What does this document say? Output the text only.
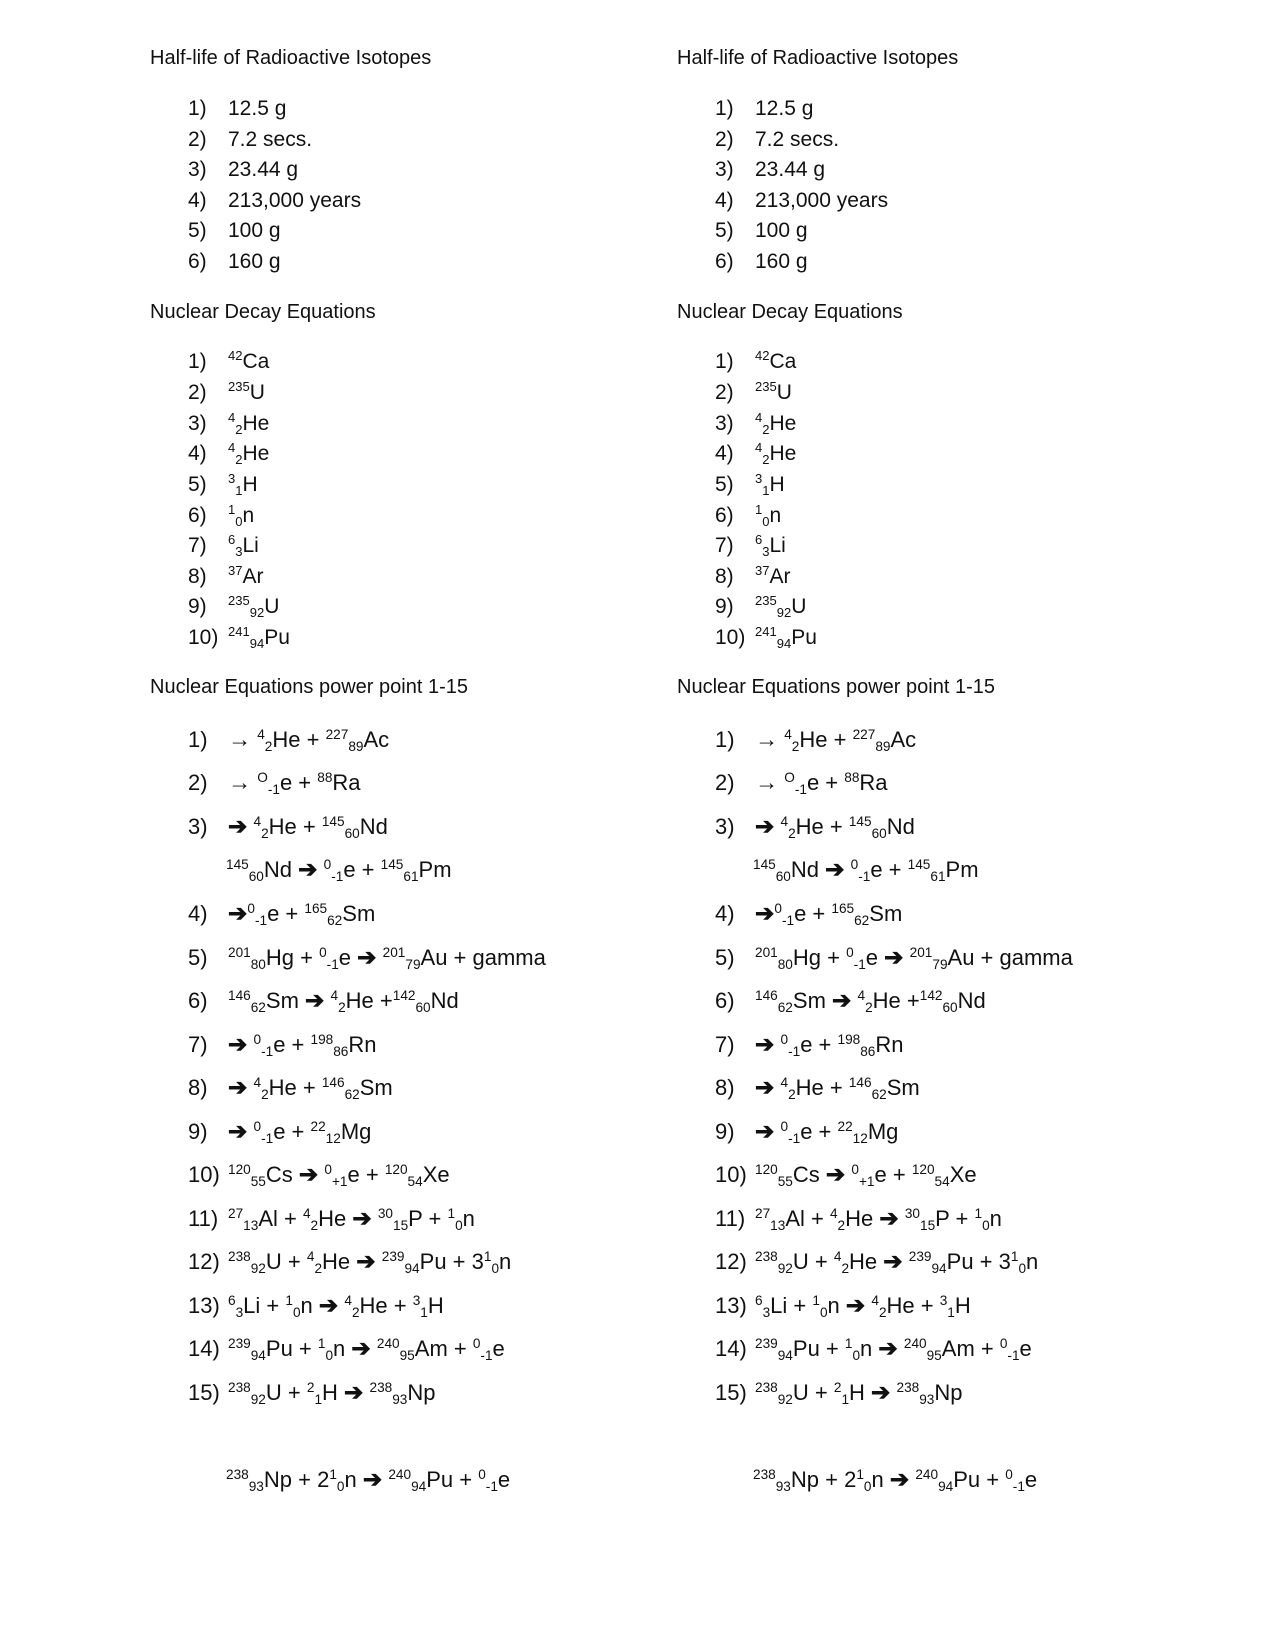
Half-life of Radioactive Isotopes
1) 12.5 g
2) 7.2 secs.
3) 23.44 g
4) 213,000 years
5) 100 g
6) 160 g
Nuclear Decay Equations
1) $^{42}$Ca
2) $^{235}$U
3) $^4$2He
4) $^4$2He
5) $^3$1H
6) $^1$0n
7) $^6$3Li
8) $^{37}$Ar
9) $^{235}$92U
10) $^{241}$94Pu
Nuclear Equations power point 1-15
1) → $^4$2He + $^{227}$89Ac
2) → $^O$-1e + $^{88}$Ra
3) ➔ $^4$2He + $^{145}$60Nd
$^{145}$60Nd ➔ $^0$-1e + $^{145}$61Pm
4) ➔$^0$-1e + $^{165}$62Sm
5) $^{201}$80Hg + $^0$-1e ➔ $^{201}$79Au + gamma
6) $^{146}$62Sm ➔ $^4$2He +$^{142}$60Nd
7) ➔ $^0$-1e + $^{198}$86Rn
8) ➔ $^4$2He + $^{146}$62Sm
9) ➔ $^0$-1e + $^{22}$12Mg
10) $^{120}$55Cs ➔ $^0$+1e + $^{120}$54Xe
11) $^{27}$13Al + $^4$2He ➔ $^{30}$15P + $^1$0n
12) $^{238}$92U + $^4$2He ➔ $^{239}94Pu + 3^10n$
13) $^6$3Li + $^1$0n ➔ $^4$2He + $^3$1H
14) $^{239}$94Pu + $^1$0n ➔ $^{240}$95Am + $^0$-1e
15) $^{238}$92U + $^2$1H ➔ $^{238}$93Np
$^{238}93Np + 2^10n$ ➔ $^{240}$94Pu + $^0$-1e
Half-life of Radioactive Isotopes
1) 12.5 g
2) 7.2 secs.
3) 23.44 g
4) 213,000 years
5) 100 g
6) 160 g
Nuclear Decay Equations
1) $^{42}$Ca
2) $^{235}$U
3) $^4$2He
4) $^4$2He
5) $^3$1H
6) $^1$0n
7) $^6$3Li
8) $^{37}$Ar
9) $^{235}$92U
10) $^{241}$94Pu
Nuclear Equations power point 1-15
1) → $^4$2He + $^{227}$89Ac
2) → $^O$-1e + $^{88}$Ra
3) ➔ $^4$2He + $^{145}$60Nd
$^{145}$60Nd ➔ $^0$-1e + $^{145}$61Pm
4) ➔$^0$-1e + $^{165}$62Sm
5) $^{201}$80Hg + $^0$-1e ➔ $^{201}$79Au + gamma
6) $^{146}$62Sm ➔ $^4$2He +$^{142}$60Nd
7) ➔ $^0$-1e + $^{198}$86Rn
8) ➔ $^4$2He + $^{146}$62Sm
9) ➔ $^0$-1e + $^{22}$12Mg
10) $^{120}$55Cs ➔ $^0$+1e + $^{120}$54Xe
11) $^{27}$13Al + $^4$2He ➔ $^{30}$15P + $^1$0n
12) $^{238}$92U + $^4$2He ➔ $^{239}94Pu + 3^10n$
13) $^6$3Li + $^1$0n ➔ $^4$2He + $^3$1H
14) $^{239}$94Pu + $^1$0n ➔ $^{240}$95Am + $^0$-1e
15) $^{238}$92U + $^2$1H ➔ $^{238}$93Np
$^{238}93Np + 2^10n$ ➔ $^{240}$94Pu + $^0$-1e
